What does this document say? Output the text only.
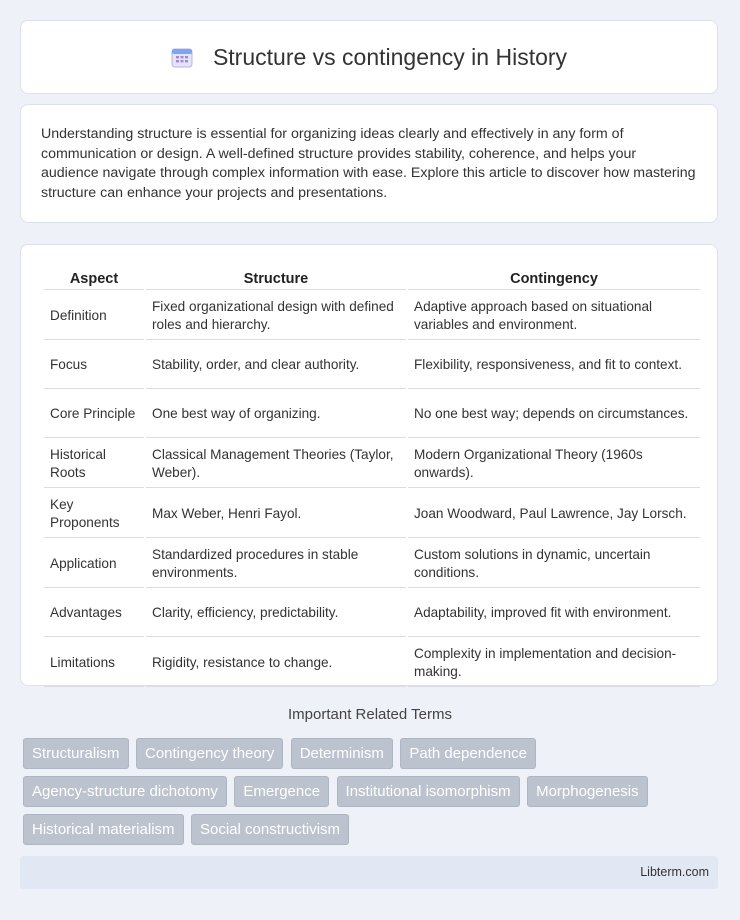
Structure vs contingency in History

Understanding structure is essential for organizing ideas clearly and effectively in any form of communication or design. A well-defined structure provides stability, coherence, and helps your audience navigate through complex information with ease. Explore this article to discover how mastering structure can enhance your projects and presentations.

Aspect	Structure	Contingency
Definition	Fixed organizational design with defined roles and hierarchy.	Adaptive approach based on situational variables and environment.
Focus	Stability, order, and clear authority.	Flexibility, responsiveness, and fit to context.
Core Principle	One best way of organizing.	No one best way; depends on circumstances.
Historical Roots	Classical Management Theories (Taylor, Weber).	Modern Organizational Theory (1960s onwards).
Key Proponents	Max Weber, Henri Fayol.	Joan Woodward, Paul Lawrence, Jay Lorsch.
Application	Standardized procedures in stable environments.	Custom solutions in dynamic, uncertain conditions.
Advantages	Clarity, efficiency, predictability.	Adaptability, improved fit with environment.
Limitations	Rigidity, resistance to change.	Complexity in implementation and decision-making.
Important Related Terms
Structuralism Contingency theory Determinism Path dependence Agency-structure dichotomy Emergence Institutional isomorphism Morphogenesis Historical materialism Social constructivism
Libterm.com
